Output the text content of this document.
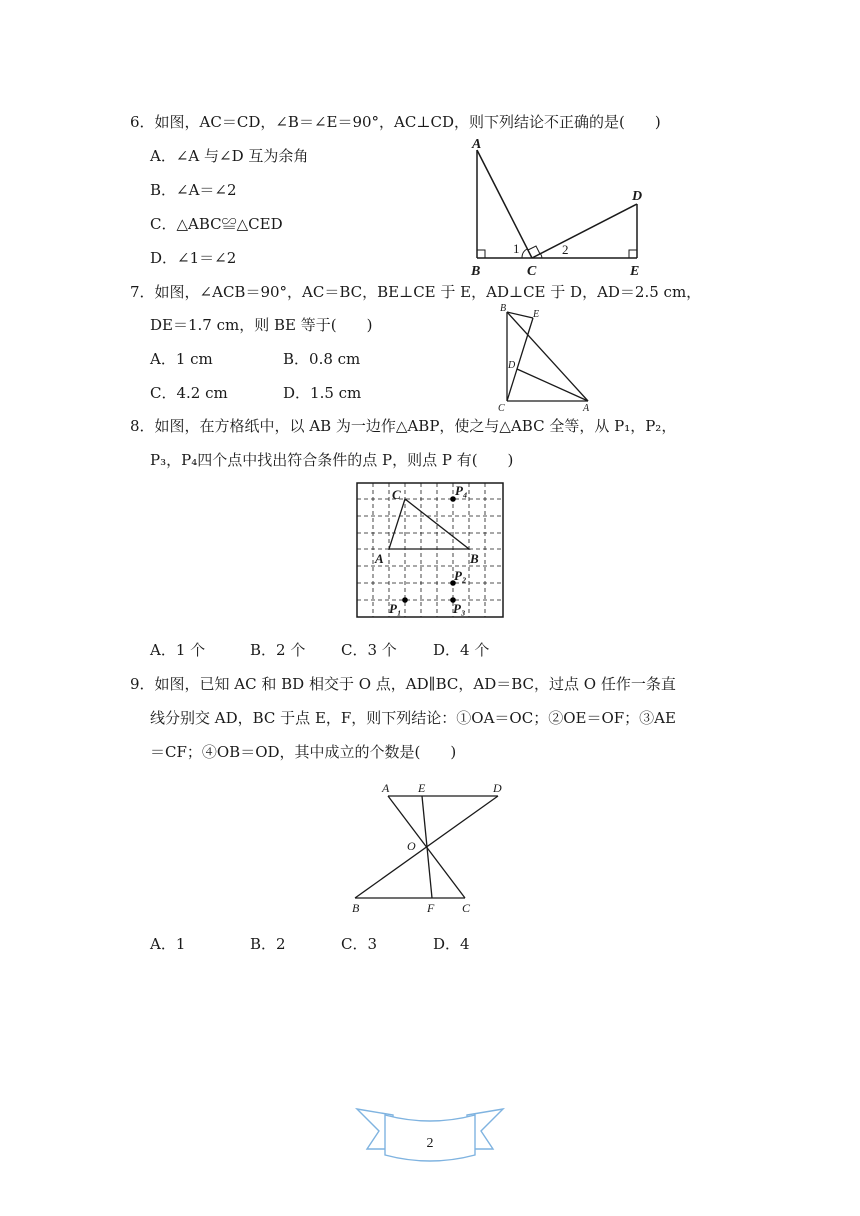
6．如图，AC＝CD，∠B＝∠E＝90°，AC⊥CD，则下列结论不正确的是(　　)
A．∠A 与∠D 互为余角
B．∠A＝∠2
C．△ABC≌△CED
D．∠1＝∠2
A
B	C
D
E
1	2
7．如图，∠ACB＝90°，AC＝BC，BE⊥CE 于 E，AD⊥CE 于 D，AD＝2.5 cm，
DE＝1.7 cm，则 BE 等于(　　)
A．1 cm	B．0.8 cm
C．4.2 cm	D．1.5 cm
B
E
D
C	A
8．如图，在方格纸中，以 AB 为一边作△ABP，使之与△ABC 全等，从 P₁，P₂，
P₃，P₄四个点中找出符合条件的点 P，则点 P 有(　　)
C	P₄
A	B
P₂
P₁	P₃
A．1 个	B．2 个 C．3 个 D．4 个
9．如图，已知 AC 和 BD 相交于 O 点，AD∥BC，AD＝BC，过点 O 任作一条直
线分别交 AD，BC 于点 E，F，则下列结论：①OA＝OC；②OE＝OF；③AE
＝CF；④OB＝OD，其中成立的个数是(　　)
A E	D
O
B	F C
A．1	B．2	C．3	D．4
2
